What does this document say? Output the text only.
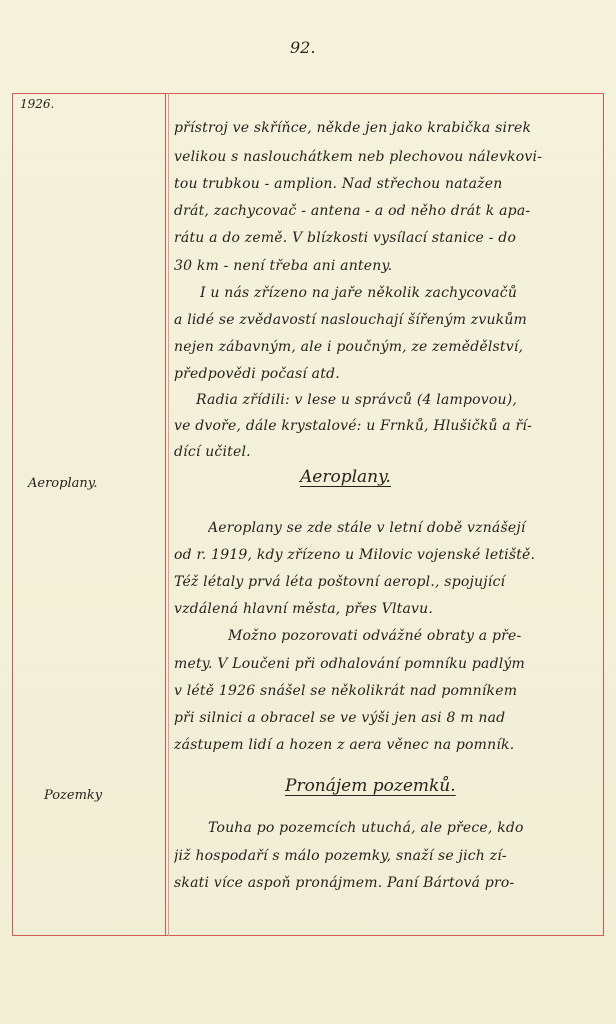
92.
1926.
Aeroplany.
Pozemky
přístroj ve skříňce, někde jen jako krabička sirek
velikou s naslouchátkem neb plechovou nálevkovi-
tou trubkou - amplion. Nad střechou natažen
drát, zachycovač - antena - a od něho drát k apa-
rátu a do země. V blízkosti vysílací stanice - do
30 km - není třeba ani anteny.
I u nás zřízeno na jaře několik zachycovačů
a lidé se zvědavostí naslouchají šířeným zvukům
nejen zábavným, ale i poučným, ze zemědělství,
předpovědi počasí atd.
Radia zřídili: v lese u správců (4 lampovou),
ve dvoře, dále krystalové: u Frnků, Hlušičků a ří-
dící učitel.
Aeroplany.
Aeroplany se zde stále v letní době vznášejí
od r. 1919, kdy zřízeno u Milovic vojenské letiště.
Též létaly prvá léta poštovní aeropl., spojující
vzdálená hlavní města, přes Vltavu.
Možno pozorovati odvážné obraty a pře-
mety. V Loučeni při odhalování pomníku padlým
v létě 1926 snášel se několikrát nad pomníkem
při silnici a obracel se ve výši jen asi 8 m nad
zástupem lidí a hozen z aera věnec na pomník.
Pronájem pozemků.
Touha po pozemcích utuchá, ale přece, kdo
již hospodaří s málo pozemky, snaží se jich zí-
skati více aspoň pronájmem. Paní Bártová pro-
